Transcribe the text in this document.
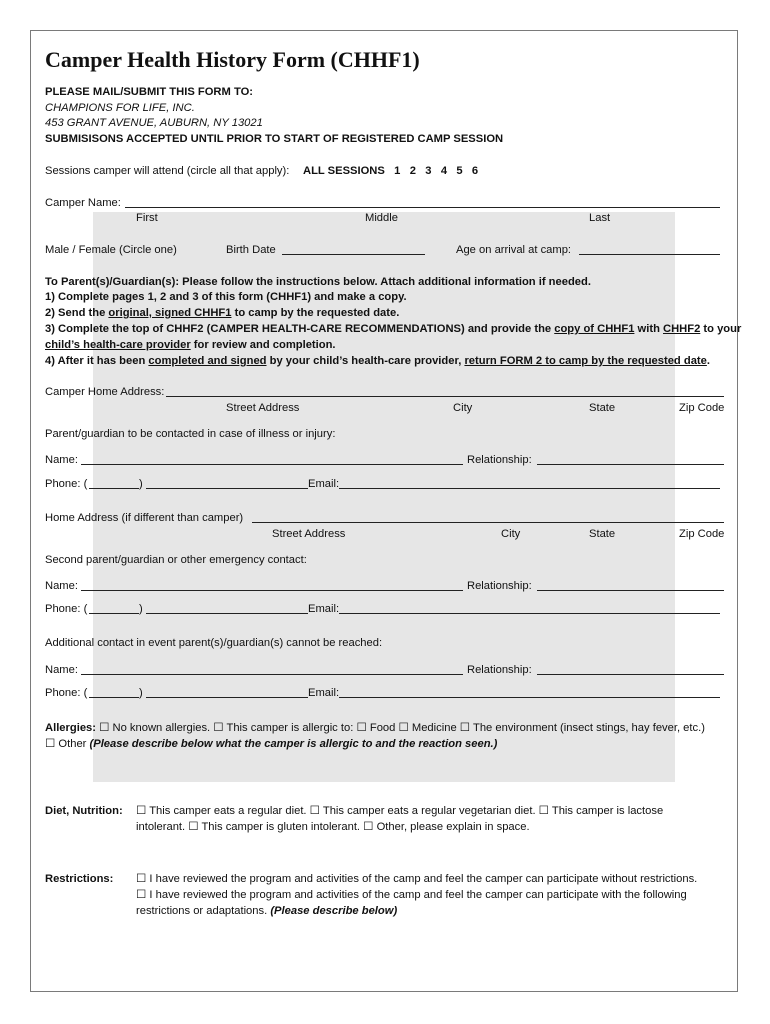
Camper Health History Form (CHHF1)
PLEASE MAIL/SUBMIT THIS FORM TO:
CHAMPIONS FOR LIFE, INC.
453 GRANT AVENUE, AUBURN, NY 13021
SUBMISISONS ACCEPTED UNTIL PRIOR TO START OF REGISTERED CAMP SESSION
Sessions camper will attend (circle all that apply): ALL SESSIONS   1   2   3   4   5   6
Camper Name:
First	Middle	Last
Male / Female (Circle one)	Birth Date	Age on arrival at camp:
To Parent(s)/Guardian(s): Please follow the instructions below. Attach additional information if needed.
1) Complete pages 1, 2 and 3 of this form (CHHF1) and make a copy.
2) Send the original, signed CHHF1 to camp by the requested date.
3) Complete the top of CHHF2 (CAMPER HEALTH-CARE RECOMMENDATIONS) and provide the copy of CHHF1 with CHHF2 to your
child’s health-care provider for review and completion.
4) After it has been completed and signed by your child’s health-care provider, return FORM 2 to camp by the requested date.
Camper Home Address:
Street Address	City	State	Zip Code
Parent/guardian to be contacted in case of illness or injury:
Name:	Relationship:
Phone: (	)	Email:
Home Address (if different than camper)
Street Address	City	State	Zip Code
Second parent/guardian or other emergency contact:
Name:	Relationship:
Phone: (	)	Email:
Additional contact in event parent(s)/guardian(s) cannot be reached:
Name:	Relationship:
Phone: (	)	Email:
Allergies: ☐ No known allergies. ☐ This camper is allergic to: ☐ Food ☐ Medicine ☐ The environment (insect stings, hay fever, etc.)
☐ Other (Please describe below what the camper is allergic to and the reaction seen.)
Diet, Nutrition: ☐ This camper eats a regular diet. ☐ This camper eats a regular vegetarian diet. ☐ This camper is lactose
intolerant. ☐ This camper is gluten intolerant. ☐ Other, please explain in space.
Restrictions: ☐ I have reviewed the program and activities of the camp and feel the camper can participate without restrictions.
☐ I have reviewed the program and activities of the camp and feel the camper can participate with the following
restrictions or adaptations. (Please describe below)
